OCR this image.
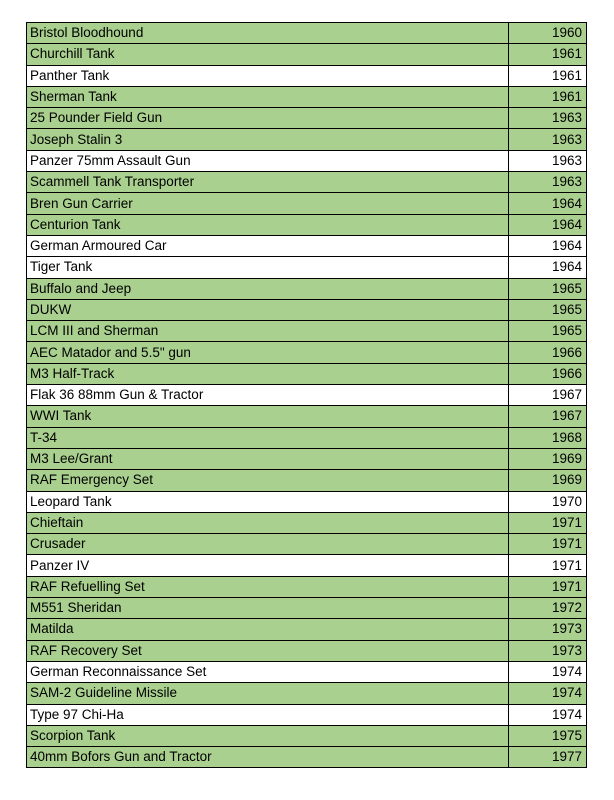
Bristol Bloodhound	1960
Churchill Tank	1961
Panther Tank	1961
Sherman Tank	1961
25 Pounder Field Gun	1963
Joseph Stalin 3	1963
Panzer 75mm Assault Gun	1963
Scammell Tank Transporter	1963
Bren Gun Carrier	1964
Centurion Tank	1964
German Armoured Car	1964
Tiger Tank	1964
Buffalo and Jeep	1965
DUKW	1965
LCM III and Sherman	1965
AEC Matador and 5.5" gun	1966
M3 Half-Track	1966
Flak 36 88mm Gun & Tractor	1967
WWI Tank	1967
T-34	1968
M3 Lee/Grant	1969
RAF Emergency Set	1969
Leopard Tank	1970
Chieftain	1971
Crusader	1971
Panzer IV	1971
RAF Refuelling Set	1971
M551 Sheridan	1972
Matilda	1973
RAF Recovery Set	1973
German Reconnaissance Set	1974
SAM-2 Guideline Missile	1974
Type 97 Chi-Ha	1974
Scorpion Tank	1975
40mm Bofors Gun and Tractor	1977
